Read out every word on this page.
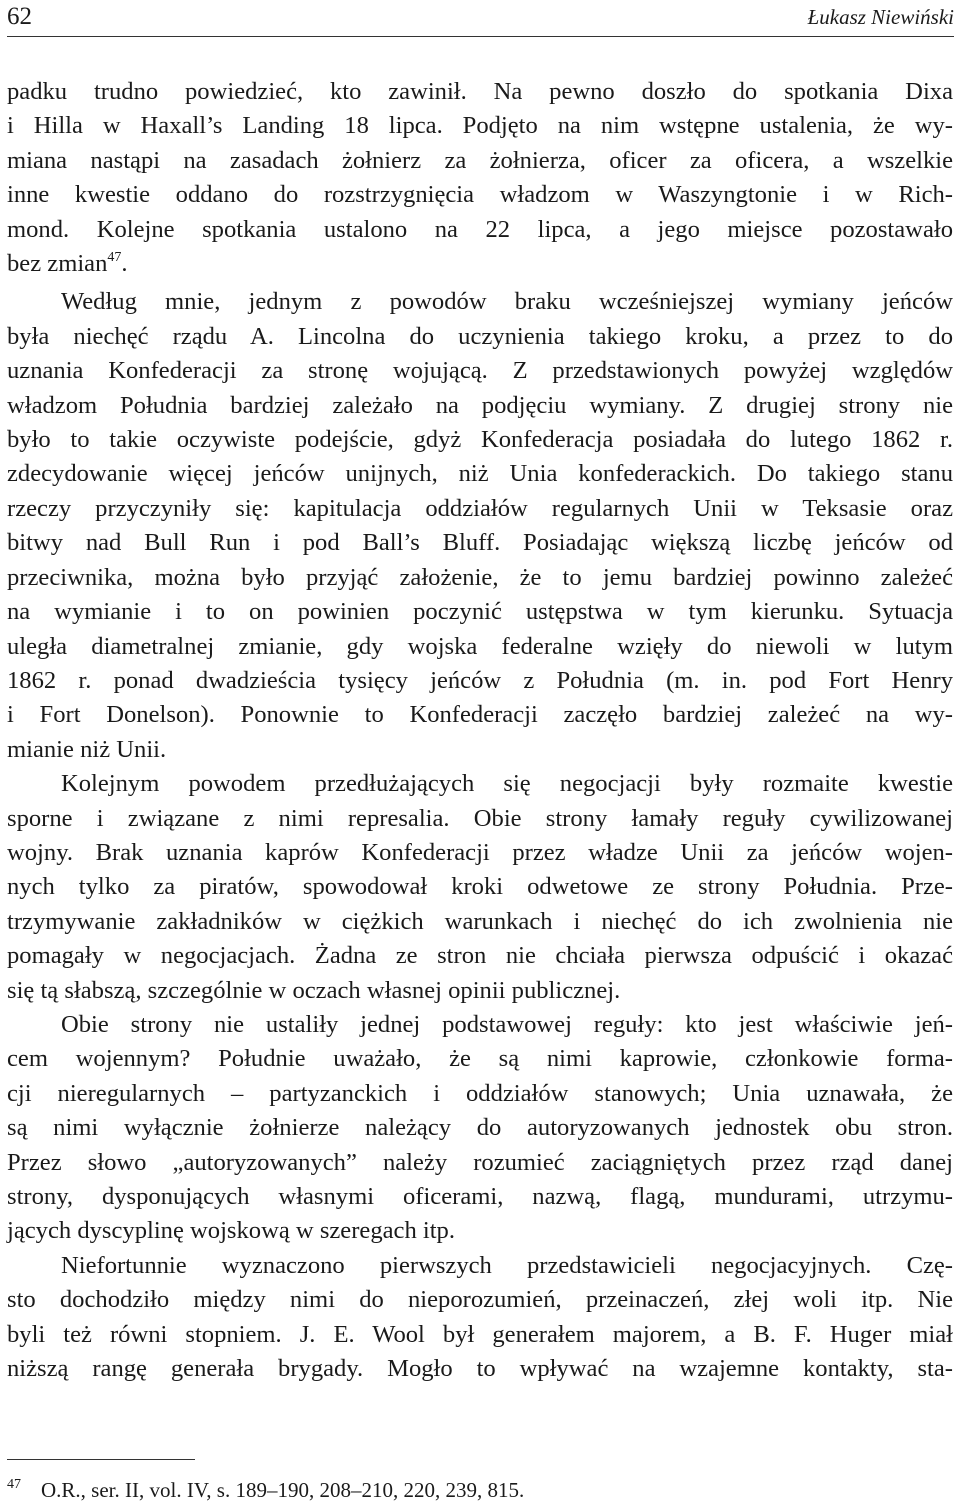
62	Łukasz Niewiński
padku trudno powiedzieć, kto zawinił. Na pewno doszło do spotkania Dixa
i Hilla w Haxall’s Landing 18 lipca. Podjęto na nim wstępne ustalenia, że wy-
miana nastąpi na zasadach żołnierz za żołnierza, oficer za oficera, a wszelkie
inne kwestie oddano do rozstrzygnięcia władzom w Waszyngtonie i w Rich-
mond. Kolejne spotkania ustalono na 22 lipca, a jego miejsce pozostawało
bez zmian$^{47}$.
Według mnie, jednym z powodów braku wcześniejszej wymiany jeńców
była niechęć rządu A. Lincolna do uczynienia takiego kroku, a przez to do
uznania Konfederacji za stronę wojującą. Z przedstawionych powyżej względów
władzom Południa bardziej zależało na podjęciu wymiany. Z drugiej strony nie
było to takie oczywiste podejście, gdyż Konfederacja posiadała do lutego 1862 r.
zdecydowanie więcej jeńców unijnych, niż Unia konfederackich. Do takiego stanu
rzeczy przyczyniły się: kapitulacja oddziałów regularnych Unii w Teksasie oraz
bitwy nad Bull Run i pod Ball’s Bluff. Posiadając większą liczbę jeńców od
przeciwnika, można było przyjąć założenie, że to jemu bardziej powinno zależeć
na wymianie i to on powinien poczynić ustępstwa w tym kierunku. Sytuacja
uległa diametralnej zmianie, gdy wojska federalne wzięły do niewoli w lutym
1862 r. ponad dwadzieścia tysięcy jeńców z Południa (m. in. pod Fort Henry
i Fort Donelson). Ponownie to Konfederacji zaczęło bardziej zależeć na wy-
mianie niż Unii.
Kolejnym powodem przedłużających się negocjacji były rozmaite kwestie
sporne i związane z nimi represalia. Obie strony łamały reguły cywilizowanej
wojny. Brak uznania kaprów Konfederacji przez władze Unii za jeńców wojen-
nych tylko za piratów, spowodował kroki odwetowe ze strony Południa. Prze-
trzymywanie zakładników w ciężkich warunkach i niechęć do ich zwolnienia nie
pomagały w negocjacjach. Żadna ze stron nie chciała pierwsza odpuścić i okazać
się tą słabszą, szczególnie w oczach własnej opinii publicznej.
Obie strony nie ustaliły jednej podstawowej reguły: kto jest właściwie jeń-
cem wojennym? Południe uważało, że są nimi kaprowie, członkowie forma-
cji nieregularnych – partyzanckich i oddziałów stanowych; Unia uznawała, że
są nimi wyłącznie żołnierze należący do autoryzowanych jednostek obu stron.
Przez słowo „autoryzowanych” należy rozumieć zaciągniętych przez rząd danej
strony, dysponujących własnymi oficerami, nazwą, flagą, mundurami, utrzymu-
jących dyscyplinę wojskową w szeregach itp.
Niefortunnie wyznaczono pierwszych przedstawicieli negocjacyjnych. Czę-
sto dochodziło między nimi do nieporozumień, przeinaczeń, złej woli itp. Nie
byli też równi stopniem. J. E. Wool był generałem majorem, a B. F. Huger miał
niższą rangę generała brygady. Mogło to wpływać na wzajemne kontakty, sta-
47 O.R., ser. II, vol. IV, s. 189–190, 208–210, 220, 239, 815.
